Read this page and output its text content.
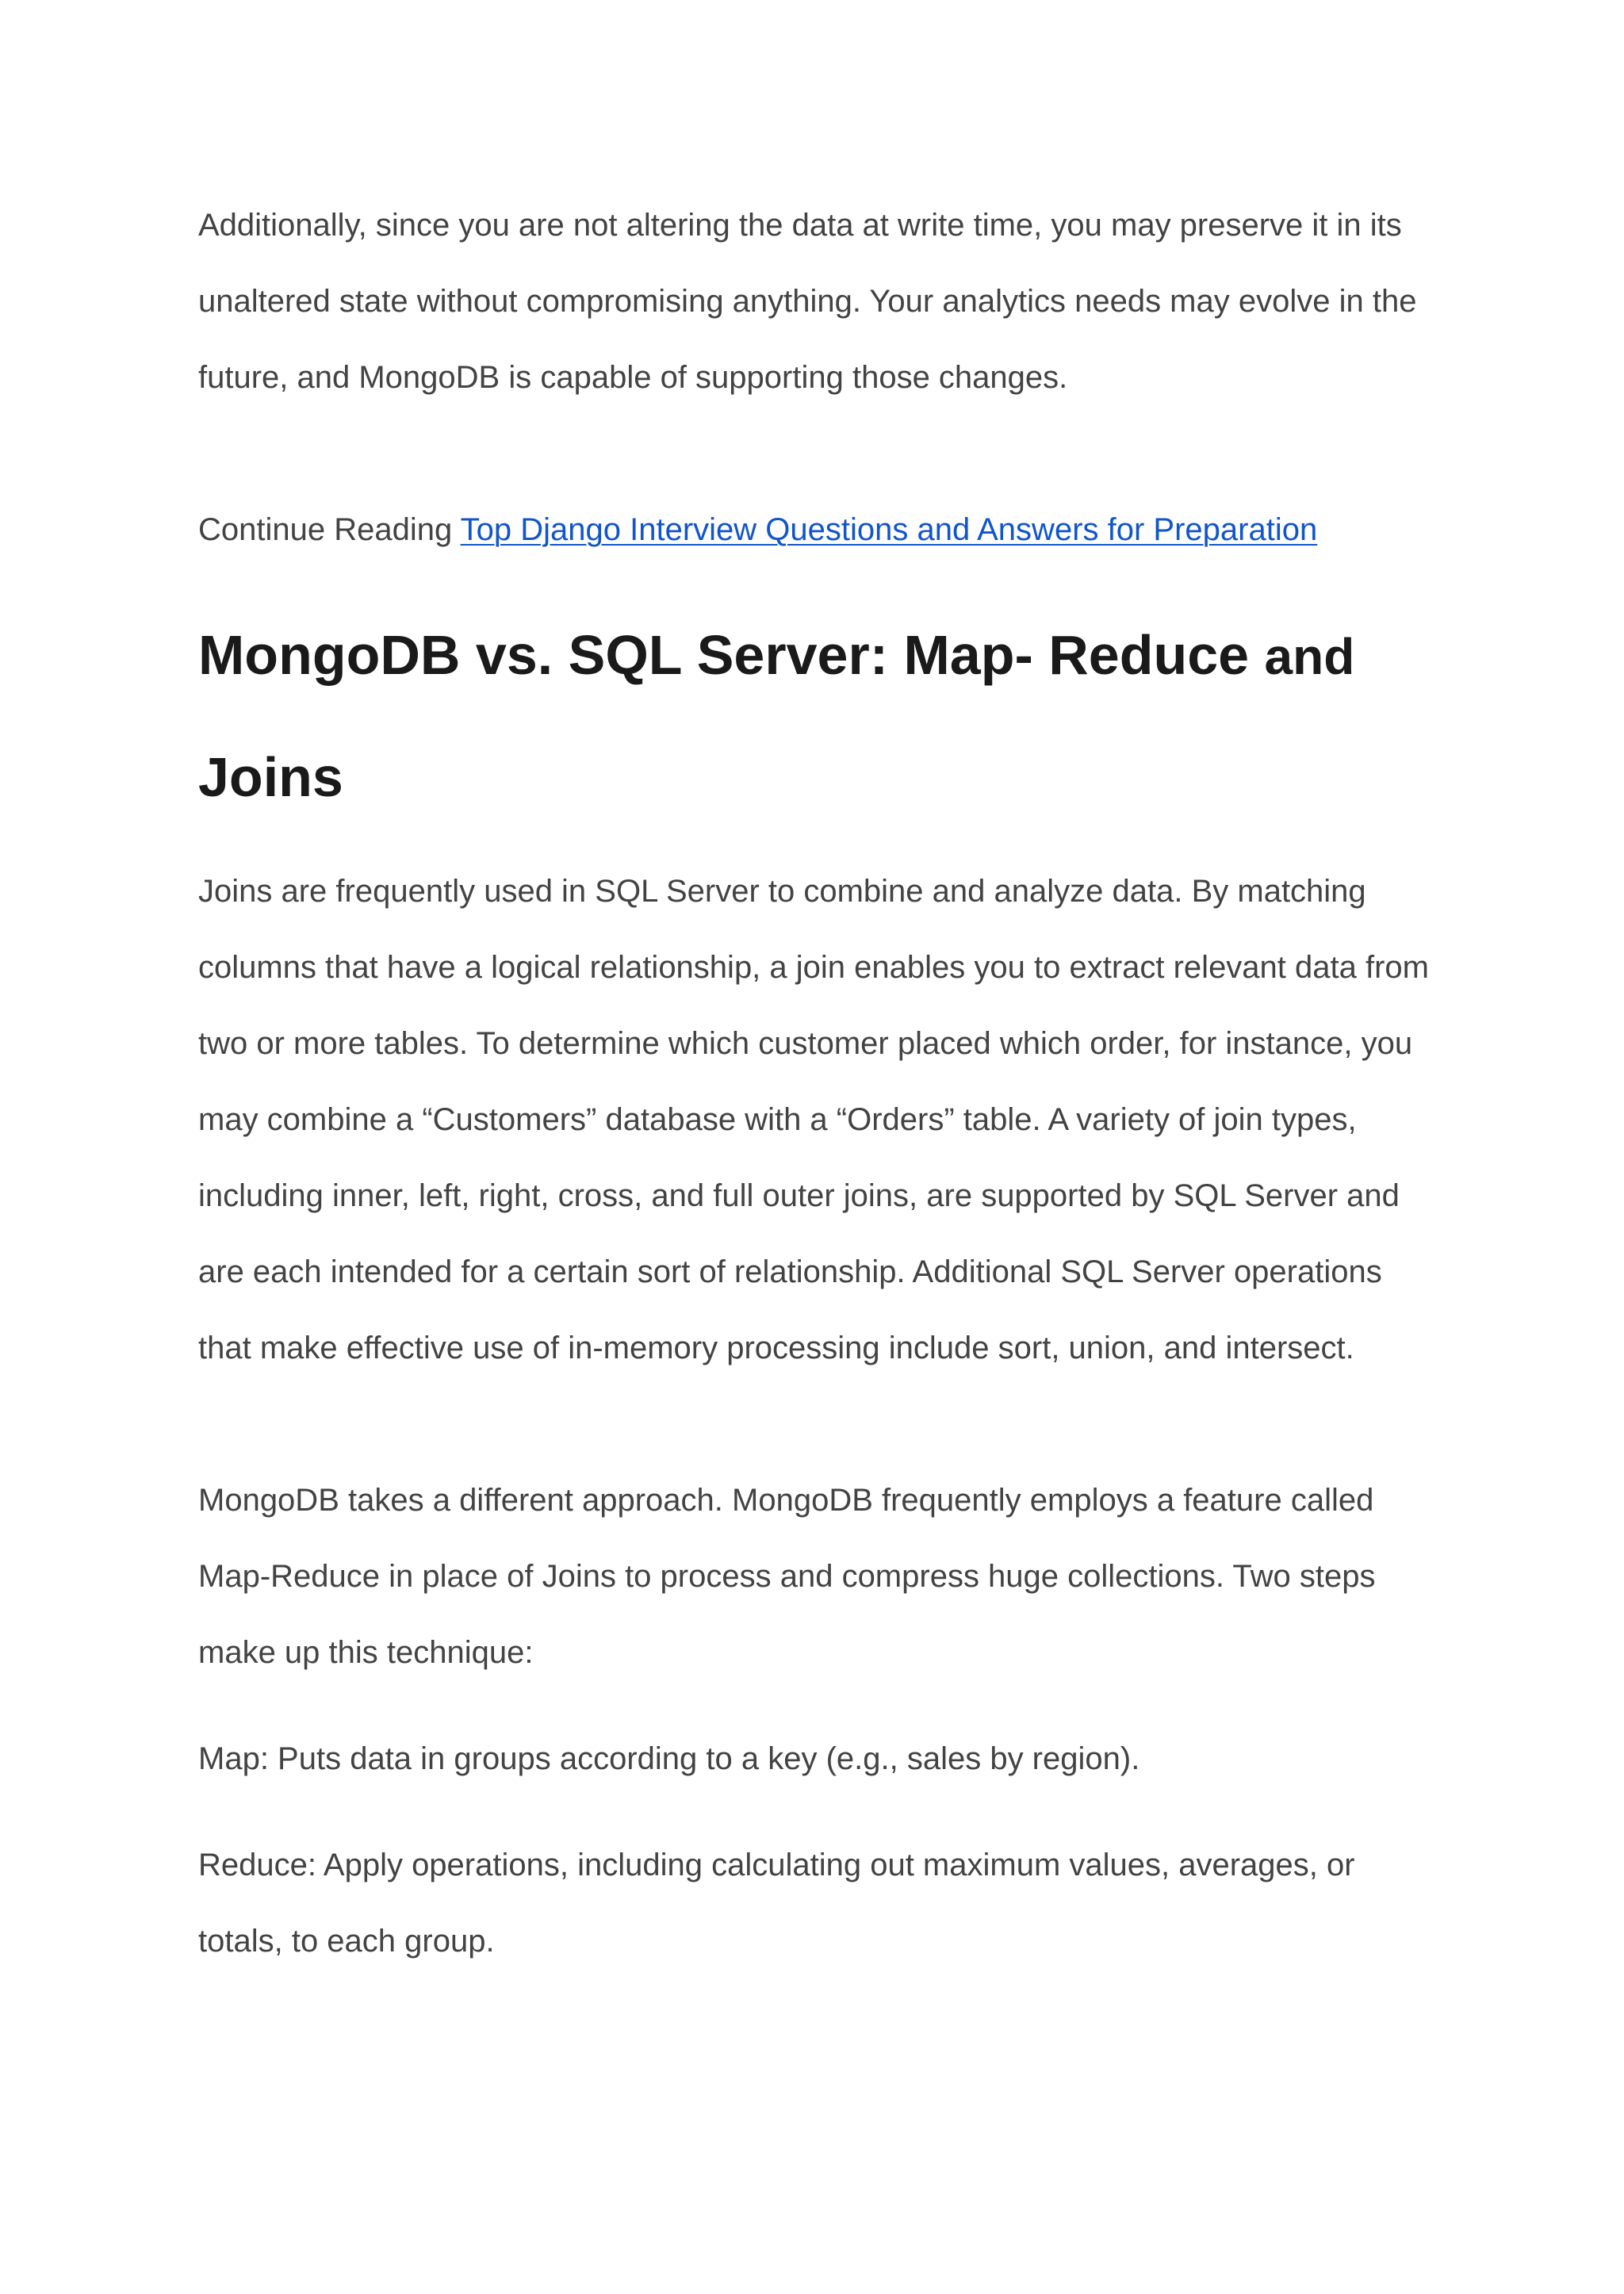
Additionally, since you are not altering the data at write time, you may preserve it in its unaltered state without compromising anything. Your analytics needs may evolve in the future, and MongoDB is capable of supporting those changes.

Continue Reading Top Django Interview Questions and Answers for Preparation

MongoDB vs. SQL Server: Map- Reduce and
Joins

Joins are frequently used in SQL Server to combine and analyze data. By matching columns that have a logical relationship, a join enables you to extract relevant data from two or more tables. To determine which customer placed which order, for instance, you may combine a “Customers” database with a “Orders” table. A variety of join types, including inner, left, right, cross, and full outer joins, are supported by SQL Server and are each intended for a certain sort of relationship. Additional SQL Server operations that make effective use of in-memory processing include sort, union, and intersect.

MongoDB takes a different approach. MongoDB frequently employs a feature called Map-Reduce in place of Joins to process and compress huge collections. Two steps make up this technique:

Map: Puts data in groups according to a key (e.g., sales by region).

Reduce: Apply operations, including calculating out maximum values, averages, or totals, to each group.
